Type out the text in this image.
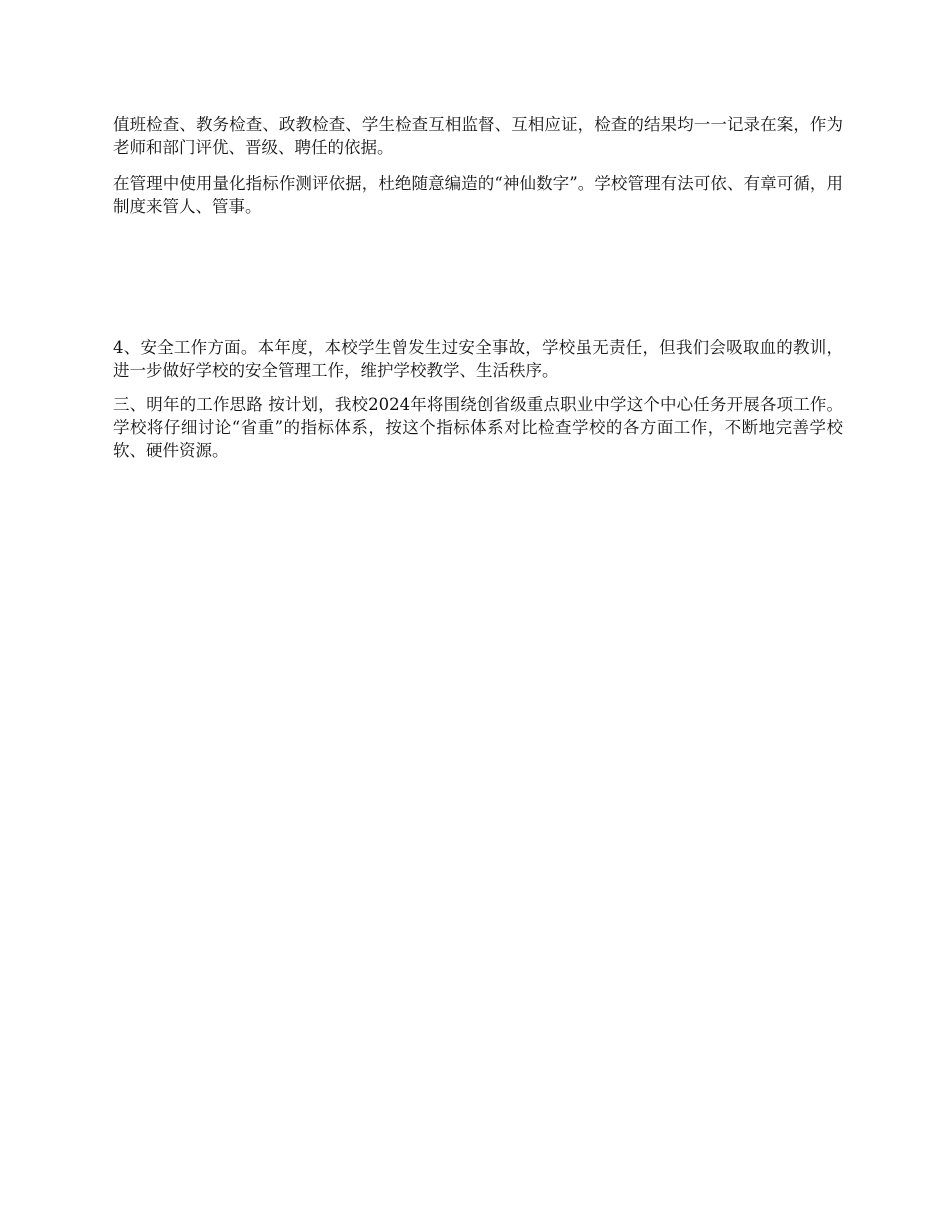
值班检查、教务检查、政教检查、学生检查互相监督、互相应证，检查的结果均一一记录在案，作为老师和部门评优、晋级、聘任的依据。

在管理中使用量化指标作测评依据，杜绝随意编造的“神仙数字”。学校管理有法可依、有章可循，用制度来管人、管事。

4、安全工作方面。本年度，本校学生曾发生过安全事故，学校虽无责任，但我们会吸取血的教训，进一步做好学校的安全管理工作，维护学校教学、生活秩序。

三、明年的工作思路 按计划，我校2024年将围绕创省级重点职业中学这个中心任务开展各项工作。学校将仔细讨论“省重”的指标体系，按这个指标体系对比检查学校的各方面工作，不断地完善学校软、硬件资源。
